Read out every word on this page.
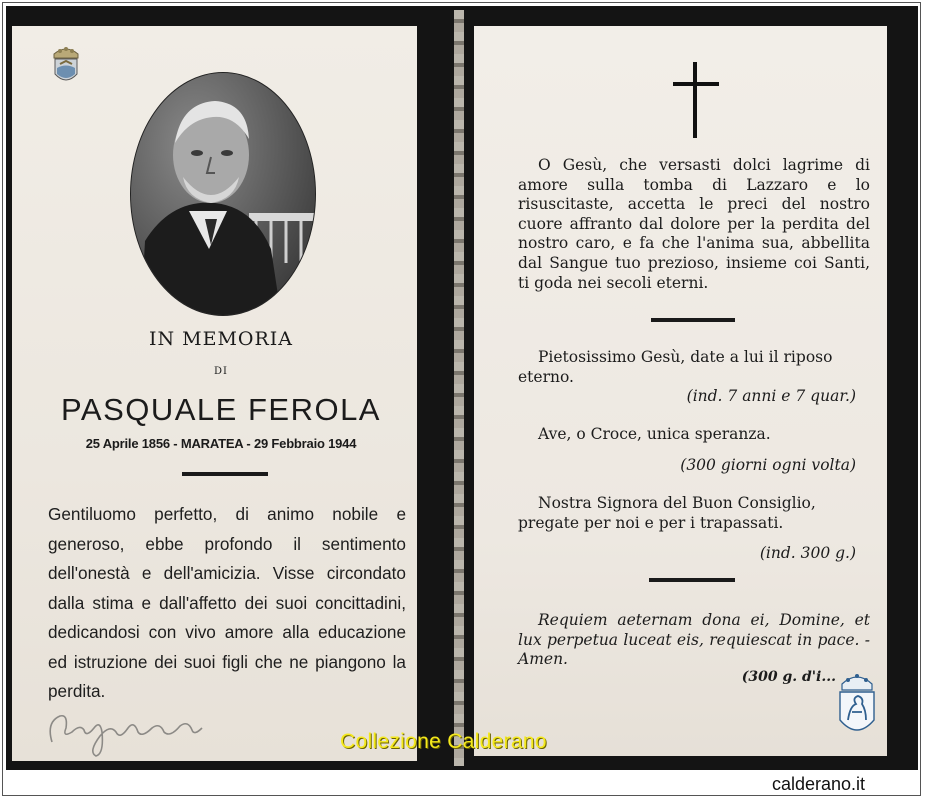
IN MEMORIA
DI
PASQUALE FEROLA
25 Aprile 1856 - MARATEA - 29 Febbraio 1944
Gentiluomo perfetto, di animo nobile e generoso, ebbe profondo il sentimento dell'onestà e dell'amicizia. Visse circondato dalla stima e dall'affetto dei suoi concittadini, dedicandosi con vivo amore alla educazione ed istruzione dei suoi figli che ne piangono la perdita.
O Gesù, che versasti dolci lagrime di amore sulla tomba di Lazzaro e lo risuscitaste, accetta le preci del nostro cuore affranto dal dolore per la perdita del nostro caro, e fa che l'anima sua, abbellita dal Sangue tuo prezioso, insieme coi Santi, ti goda nei secoli eterni.
Pietosissimo Gesù, date a lui il riposo eterno.
(ind. 7 anni e 7 quar.)
Ave, o Croce, unica speranza.
(300 giorni ogni volta)
Nostra Signora del Buon Consiglio, pregate per noi e per i trapassati.
(ind. 300 g.)
Requiem aeternam dona ei, Domine, et lux perpetua luceat eis, requiescat in pace. - Amen.
(300 g. d'i...
Collezione Calderano
calderano.it
